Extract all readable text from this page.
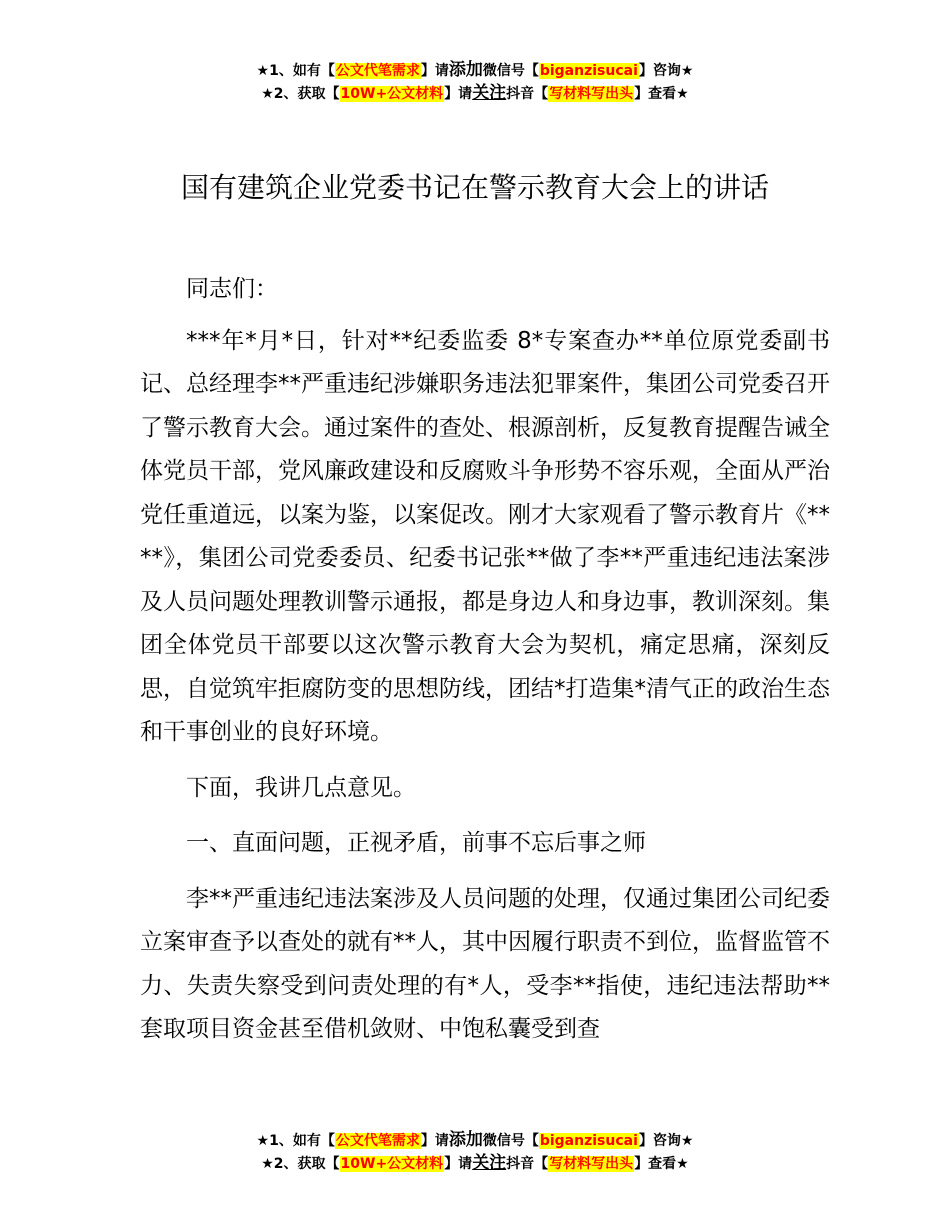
★1、如有【公文代笔需求】请添加微信号【biganzisucai】咨询★
★2、获取【10W+公文材料】请关注抖音【写材料写出头】查看★
国有建筑企业党委书记在警示教育大会上的讲话

同志们：

***年*月*日，针对**纪委监委 8*专案查办**单位原党委副书记、总经理李**严重违纪涉嫌职务违法犯罪案件，集团公司党委召开了警示教育大会。通过案件的查处、根源剖析，反复教育提醒告诫全体党员干部，党风廉政建设和反腐败斗争形势不容乐观，全面从严治党任重道远，以案为鉴，以案促改。刚才大家观看了警示教育片《****》，集团公司党委委员、纪委书记张**做了李**严重违纪违法案涉及人员问题处理教训警示通报，都是身边人和身边事，教训深刻。集团全体党员干部要以这次警示教育大会为契机，痛定思痛，深刻反思，自觉筑牢拒腐防变的思想防线，团结*打造集*清气正的政治生态和干事创业的良好环境。

下面，我讲几点意见。

一、直面问题，正视矛盾，前事不忘后事之师

李**严重违纪违法案涉及人员问题的处理，仅通过集团公司纪委立案审查予以查处的就有**人，其中因履行职责不到位，监督监管不力、失责失察受到问责处理的有*人，受李**指使，违纪违法帮助**套取项目资金甚至借机敛财、中饱私囊受到查

★1、如有【公文代笔需求】请添加微信号【biganzisucai】咨询★
★2、获取【10W+公文材料】请关注抖音【写材料写出头】查看★
